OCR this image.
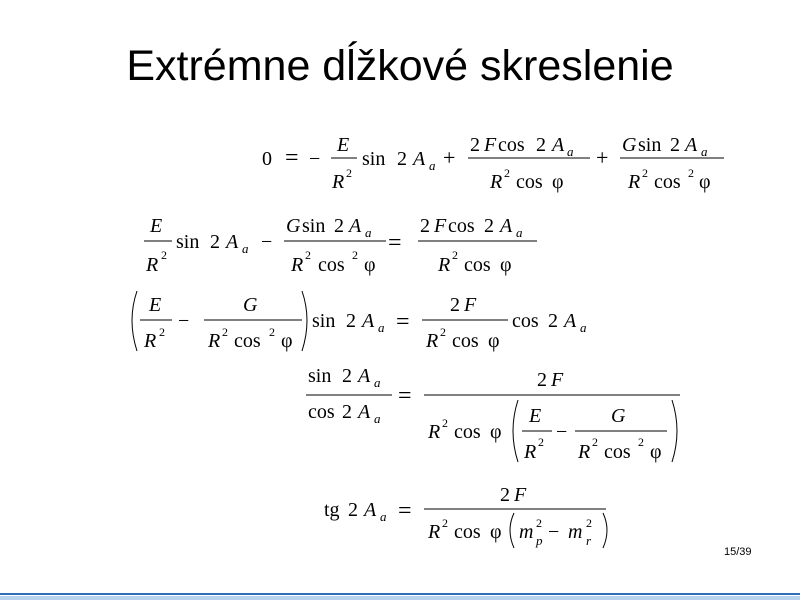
Extrémne dĺžkové skreslenie
0 = −
E
R 2
sin 2 A a + 2 F cos 2 A a
R 2 cos φ
+ G sin 2 A a
R 2 cos 2 φ
E
R 2
sin 2 A a −
G sin 2 A a
R 2 cos 2 φ
=
2 F cos 2 A a
R 2 cos φ
E
R 2 −
G
R 2 cos 2 φ
sin 2 A a =
2 F
R 2 cos φ
cos 2 A a
sin 2 A a
cos 2 A a
=
2 F
R 2 cos φ
E
R 2 −
G
R 2 cos 2 φ
tg 2 A a =
2 F
R 2 cos φ m 2
p − m 2
r
15/39
